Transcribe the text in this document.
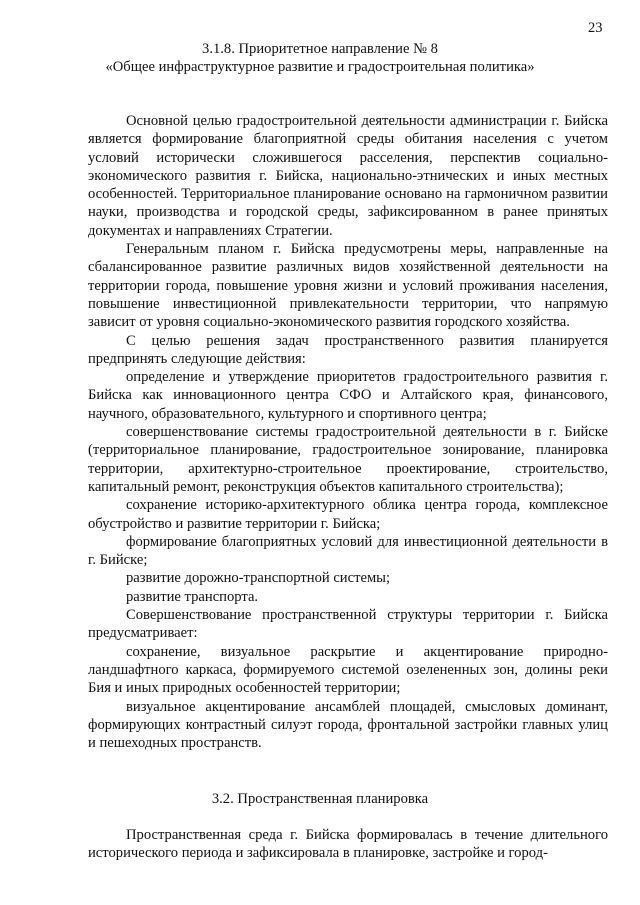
23
3.1.8. Приоритетное направление № 8
«Общее инфраструктурное развитие и градостроительная политика»

Основной целью градостроительной деятельности администрации г. Бийска является формирование благоприятной среды обитания населения с учетом условий исторически сложившегося расселения, перспектив социально-экономического развития г. Бийска, национально-этнических и иных местных особенностей. Территориальное планирование основано на гармоничном развитии науки, производства и городской среды, зафиксированном в ранее принятых документах и направлениях Стратегии.

Генеральным планом г. Бийска предусмотрены меры, направленные на сбалансированное развитие различных видов хозяйственной деятельности на территории города, повышение уровня жизни и условий проживания населения, повышение инвестиционной привлекательности территории, что напрямую зависит от уровня социально-экономического развития городского хозяйства.

С целью решения задач пространственного развития планируется предпринять следующие действия:

определение и утверждение приоритетов градостроительного развития г. Бийска как инновационного центра СФО и Алтайского края, финансового, научного, образовательного, культурного и спортивного центра;

совершенствование системы градостроительной деятельности в г. Бийске (территориальное планирование, градостроительное зонирование, планировка территории, архитектурно-строительное проектирование, строительство, капитальный ремонт, реконструкция объектов капитального строительства);

сохранение историко-архитектурного облика центра города, комплексное обустройство и развитие территории г. Бийска;

формирование благоприятных условий для инвестиционной деятельности в г. Бийске;

развитие дорожно-транспортной системы;

развитие транспорта.

Совершенствование пространственной структуры территории г. Бийска предусматривает:

сохранение, визуальное раскрытие и акцентирование природно-ландшафтного каркаса, формируемого системой озелененных зон, долины реки Бия и иных природных особенностей территории;

визуальное акцентирование ансамблей площадей, смысловых доминант, формирующих контрастный силуэт города, фронтальной застройки главных улиц и пешеходных пространств.

3.2. Пространственная планировка

Пространственная среда г. Бийска формировалась в течение длительного исторического периода и зафиксировала в планировке, застройке и город-
